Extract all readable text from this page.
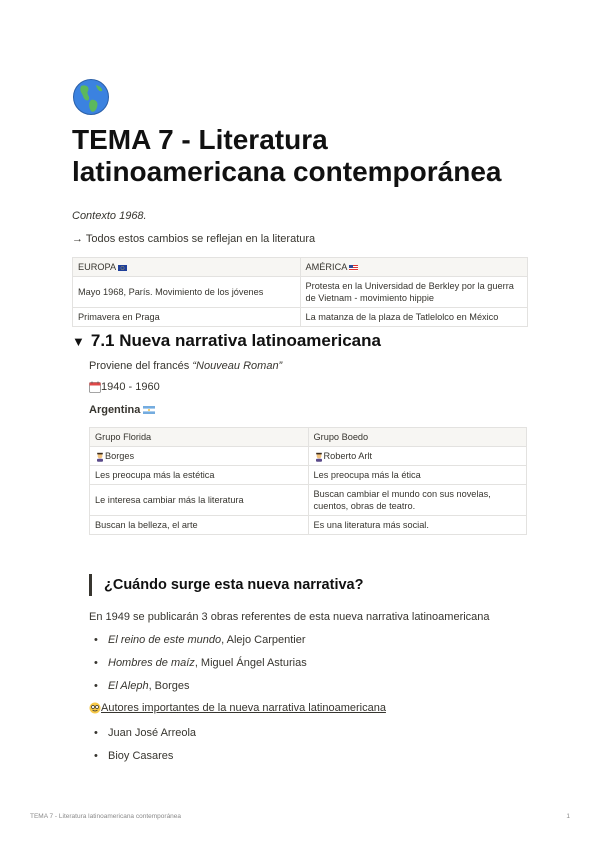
TEMA 7 - Literatura latinoamericana contemporánea
Contexto 1968.
→ Todos estos cambios se reflejan en la literatura
EUROPA	AMÉRICA
Mayo 1968, París. Movimiento de los jóvenes	Protesta en la Universidad de Berkley por la guerra de Vietnam - movimiento hippie
Primavera en Praga	La matanza de la plaza de Tatlelolco en México
▼ 7.1 Nueva narrativa latinoamericana
Proviene del francés “Nouveau Roman”
1940 - 1960
Argentina
Grupo Florida	Grupo Boedo
Borges	Roberto Arlt
Les preocupa más la estética	Les preocupa más la ética
Le interesa cambiar más la literatura	Buscan cambiar el mundo con sus novelas, cuentos, obras de teatro.
Buscan la belleza, el arte	Es una literatura más social.
¿Cuándo surge esta nueva narrativa?
En 1949 se publicarán 3 obras referentes de esta nueva narrativa latinoamericana
• El reino de este mundo, Alejo Carpentier
• Hombres de maíz, Miguel Ángel Asturias
• El Aleph, Borges
Autores importantes de la nueva narrativa latinoamericana
• Juan José Arreola
• Bioy Casares
TEMA 7 - Literatura latinoamericana contemporánea	1
